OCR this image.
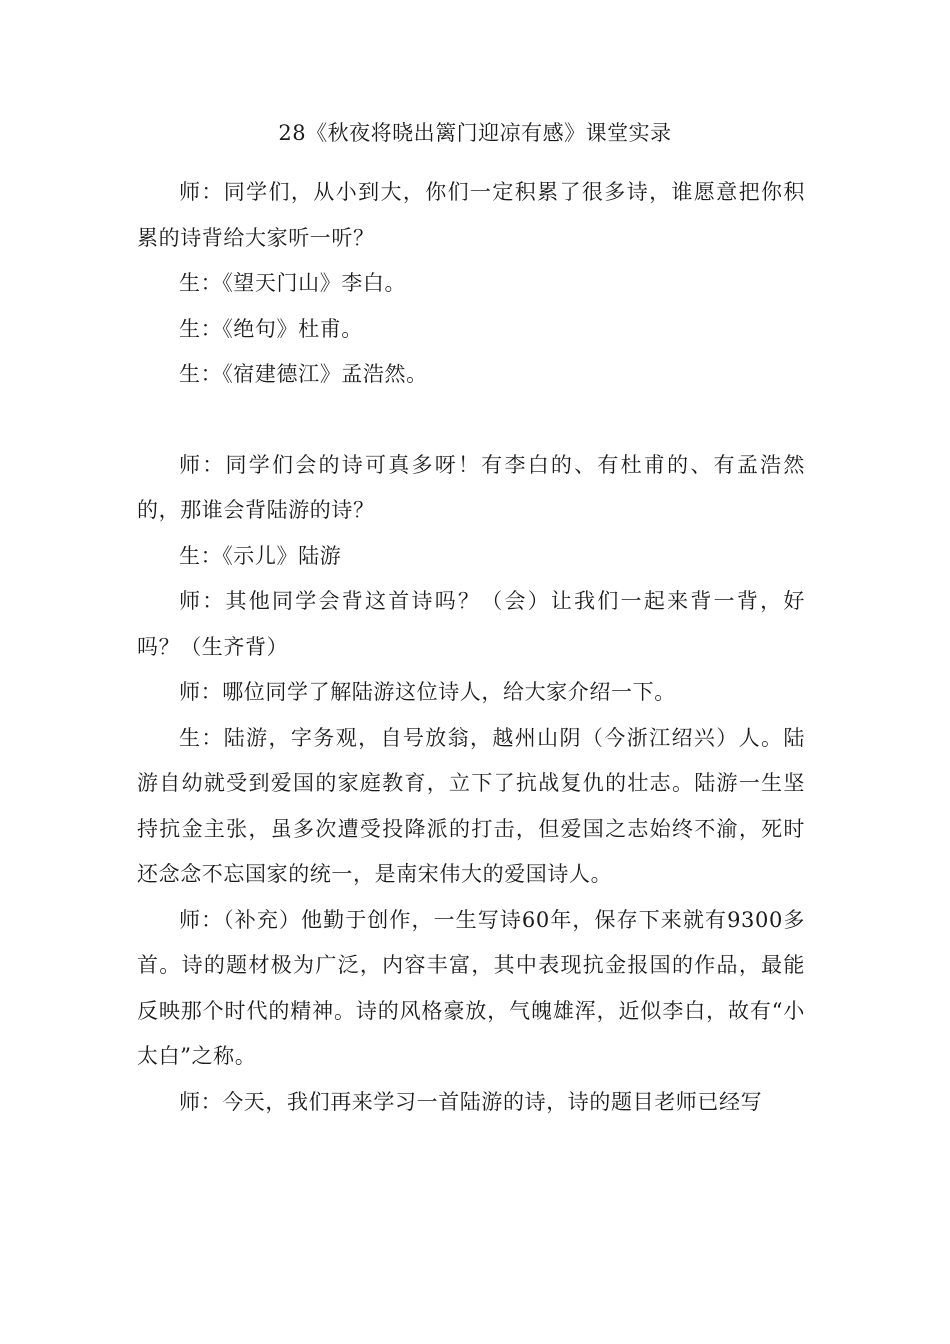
28《秋夜将晓出篱门迎凉有感》课堂实录

师：同学们，从小到大，你们一定积累了很多诗，谁愿意把你积累的诗背给大家听一听？

生：《望天门山》李白。

生：《绝句》杜甫。

生：《宿建德江》孟浩然。

师：同学们会的诗可真多呀！有李白的、有杜甫的、有孟浩然的，那谁会背陆游的诗？

生：《示儿》陆游

师：其他同学会背这首诗吗？（会）让我们一起来背一背，好吗？（生齐背）

师：哪位同学了解陆游这位诗人，给大家介绍一下。

生：陆游，字务观，自号放翁，越州山阴（今浙江绍兴）人。陆游自幼就受到爱国的家庭教育，立下了抗战复仇的壮志。陆游一生坚持抗金主张，虽多次遭受投降派的打击，但爱国之志始终不渝，死时还念念不忘国家的统一，是南宋伟大的爱国诗人。

师：（补充）他勤于创作，一生写诗60年，保存下来就有9300多首。诗的题材极为广泛，内容丰富，其中表现抗金报国的作品，最能反映那个时代的精神。诗的风格豪放，气魄雄浑，近似李白，故有“小太白”之称。

师：今天，我们再来学习一首陆游的诗，诗的题目老师已经写
